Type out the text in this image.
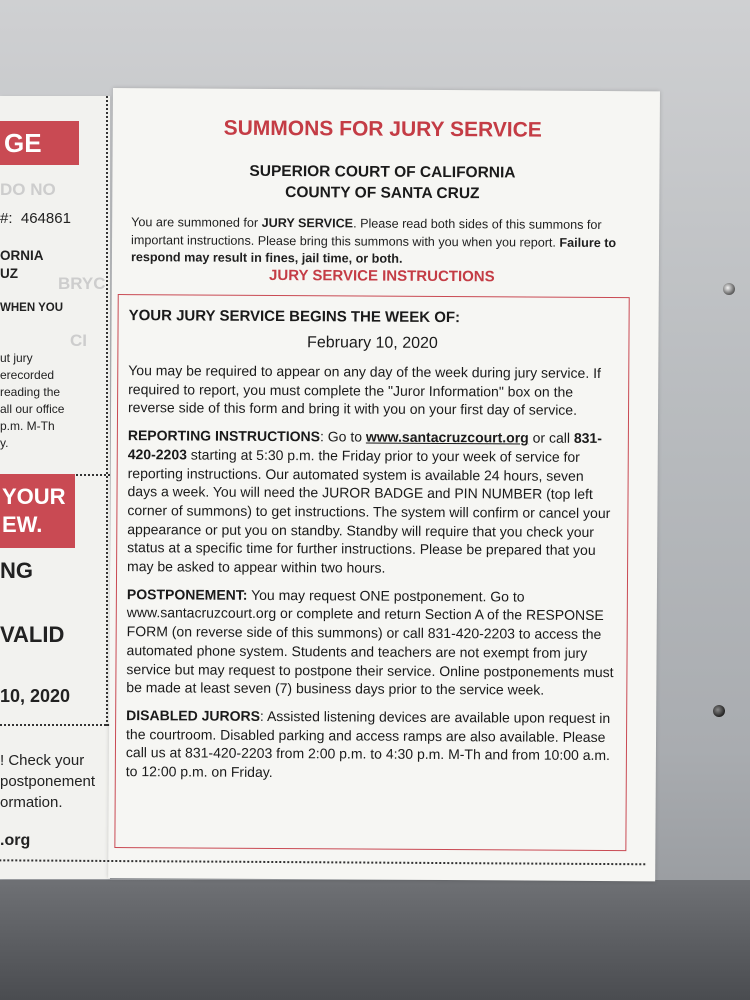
GE
DO NO
#: 464861
ORNIA
UZ
BRYC
WHEN YOU
CI
ut jury
erecorded
reading the
all our office
p.m. M-Th
y.
YOUR
EW.
NG
VALID
10, 2020
! Check your
postponement
ormation.
.org
SUMMONS FOR JURY SERVICE
SUPERIOR COURT OF CALIFORNIA
COUNTY OF SANTA CRUZ

You are summoned for JURY SERVICE. Please read both sides of this summons for important instructions. Please bring this summons with you when you report. Failure to respond may result in fines, jail time, or both.

JURY SERVICE INSTRUCTIONS
YOUR JURY SERVICE BEGINS THE WEEK OF:
February 10, 2020

You may be required to appear on any day of the week during jury service. If required to report, you must complete the "Juror Information" box on the reverse side of this form and bring it with you on your first day of service.

REPORTING INSTRUCTIONS: Go to www.santacruzcourt.org or call 831-420-2203 starting at 5:30 p.m. the Friday prior to your week of service for reporting instructions. Our automated system is available 24 hours, seven days a week. You will need the JUROR BADGE and PIN NUMBER (top left corner of summons) to get instructions. The system will confirm or cancel your appearance or put you on standby. Standby will require that you check your status at a specific time for further instructions. Please be prepared that you may be asked to appear within two hours.

POSTPONEMENT: You may request ONE postponement. Go to www.santacruzcourt.org or complete and return Section A of the RESPONSE FORM (on reverse side of this summons) or call 831-420-2203 to access the automated phone system. Students and teachers are not exempt from jury service but may request to postpone their service. Online postponements must be made at least seven (7) business days prior to the service week.

DISABLED JURORS: Assisted listening devices are available upon request in the courtroom. Disabled parking and access ramps are also available. Please call us at 831-420-2203 from 2:00 p.m. to 4:30 p.m. M-Th and from 10:00 a.m. to 12:00 p.m. on Friday.
